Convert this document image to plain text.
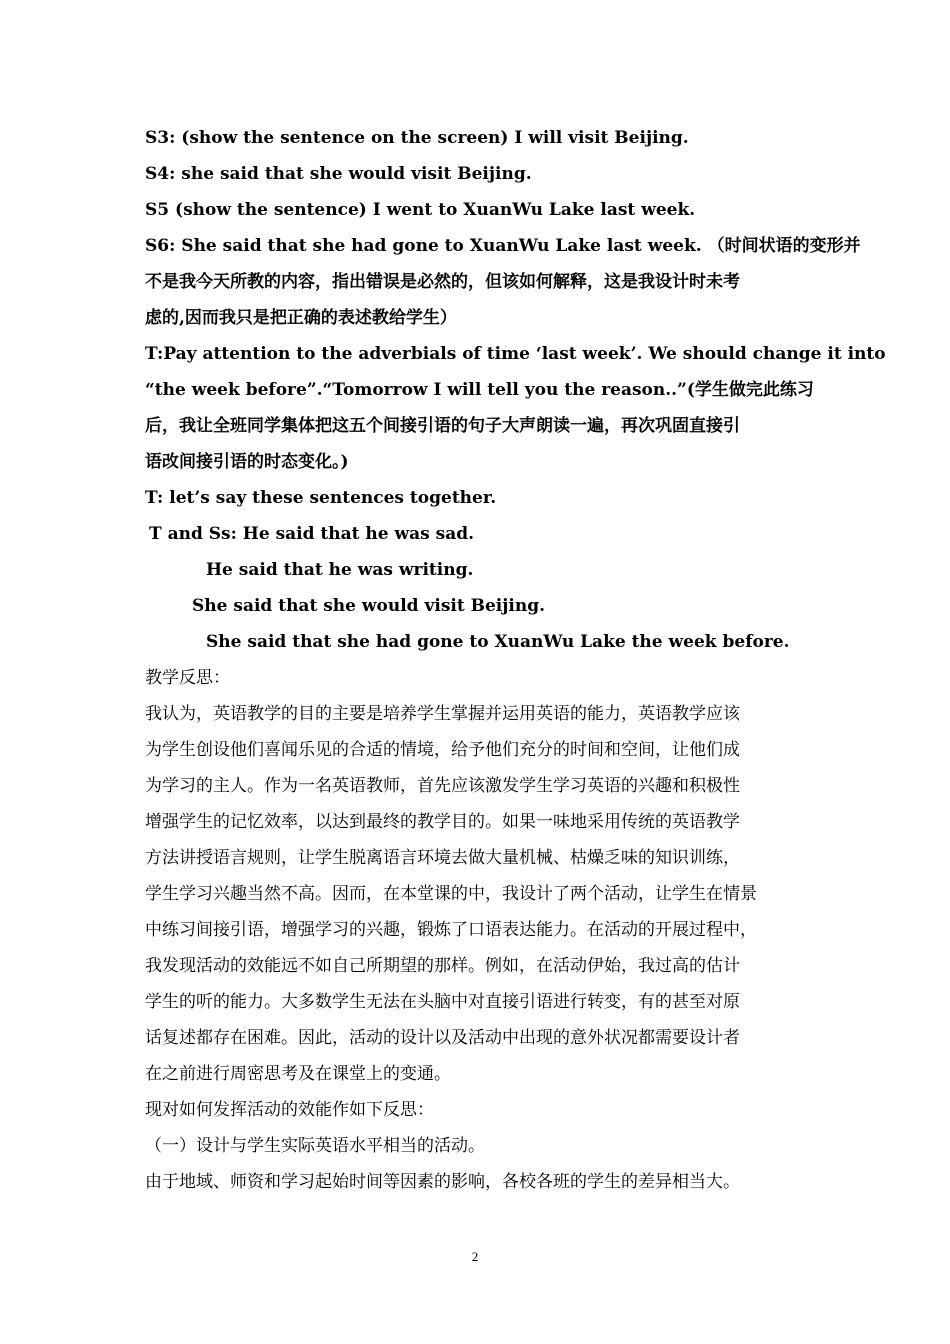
S3: (show the sentence on the screen) I will visit Beijing.
S4: she said that she would visit Beijing.
S5 (show the sentence) I went to XuanWu Lake last week.
S6: She said that she had gone to XuanWu Lake last week. （时间状语的变形并
不是我今天所教的内容，指出错误是必然的，但该如何解释，这是我设计时未考
虑的,因而我只是把正确的表述教给学生）
T:Pay attention to the adverbials of time ‘last week’. We should change it into
“the week before”.“Tomorrow I will tell you the reason..”(学生做完此练习
后，我让全班同学集体把这五个间接引语的句子大声朗读一遍，再次巩固直接引
语改间接引语的时态变化。)
T: let’s say these sentences together.
T and Ss: He said that he was sad.
He said that he was writing.
She said that she would visit Beijing.
She said that she had gone to XuanWu Lake the week before.
教学反思：
我认为，英语教学的目的主要是培养学生掌握并运用英语的能力，英语教学应该
为学生创设他们喜闻乐见的合适的情境，给予他们充分的时间和空间，让他们成
为学习的主人。作为一名英语教师，首先应该激发学生学习英语的兴趣和积极性
增强学生的记忆效率，以达到最终的教学目的。如果一味地采用传统的英语教学
方法讲授语言规则，让学生脱离语言环境去做大量机械、枯燥乏味的知识训练，
学生学习兴趣当然不高。因而，在本堂课的中，我设计了两个活动，让学生在情景
中练习间接引语，增强学习的兴趣，锻炼了口语表达能力。在活动的开展过程中，
我发现活动的效能远不如自己所期望的那样。例如，在活动伊始，我过高的估计
学生的听的能力。大多数学生无法在头脑中对直接引语进行转变，有的甚至对原
话复述都存在困难。因此，活动的设计以及活动中出现的意外状况都需要设计者
在之前进行周密思考及在课堂上的变通。
现对如何发挥活动的效能作如下反思：
（一）设计与学生实际英语水平相当的活动。
由于地域、师资和学习起始时间等因素的影响，各校各班的学生的差异相当大。
2
